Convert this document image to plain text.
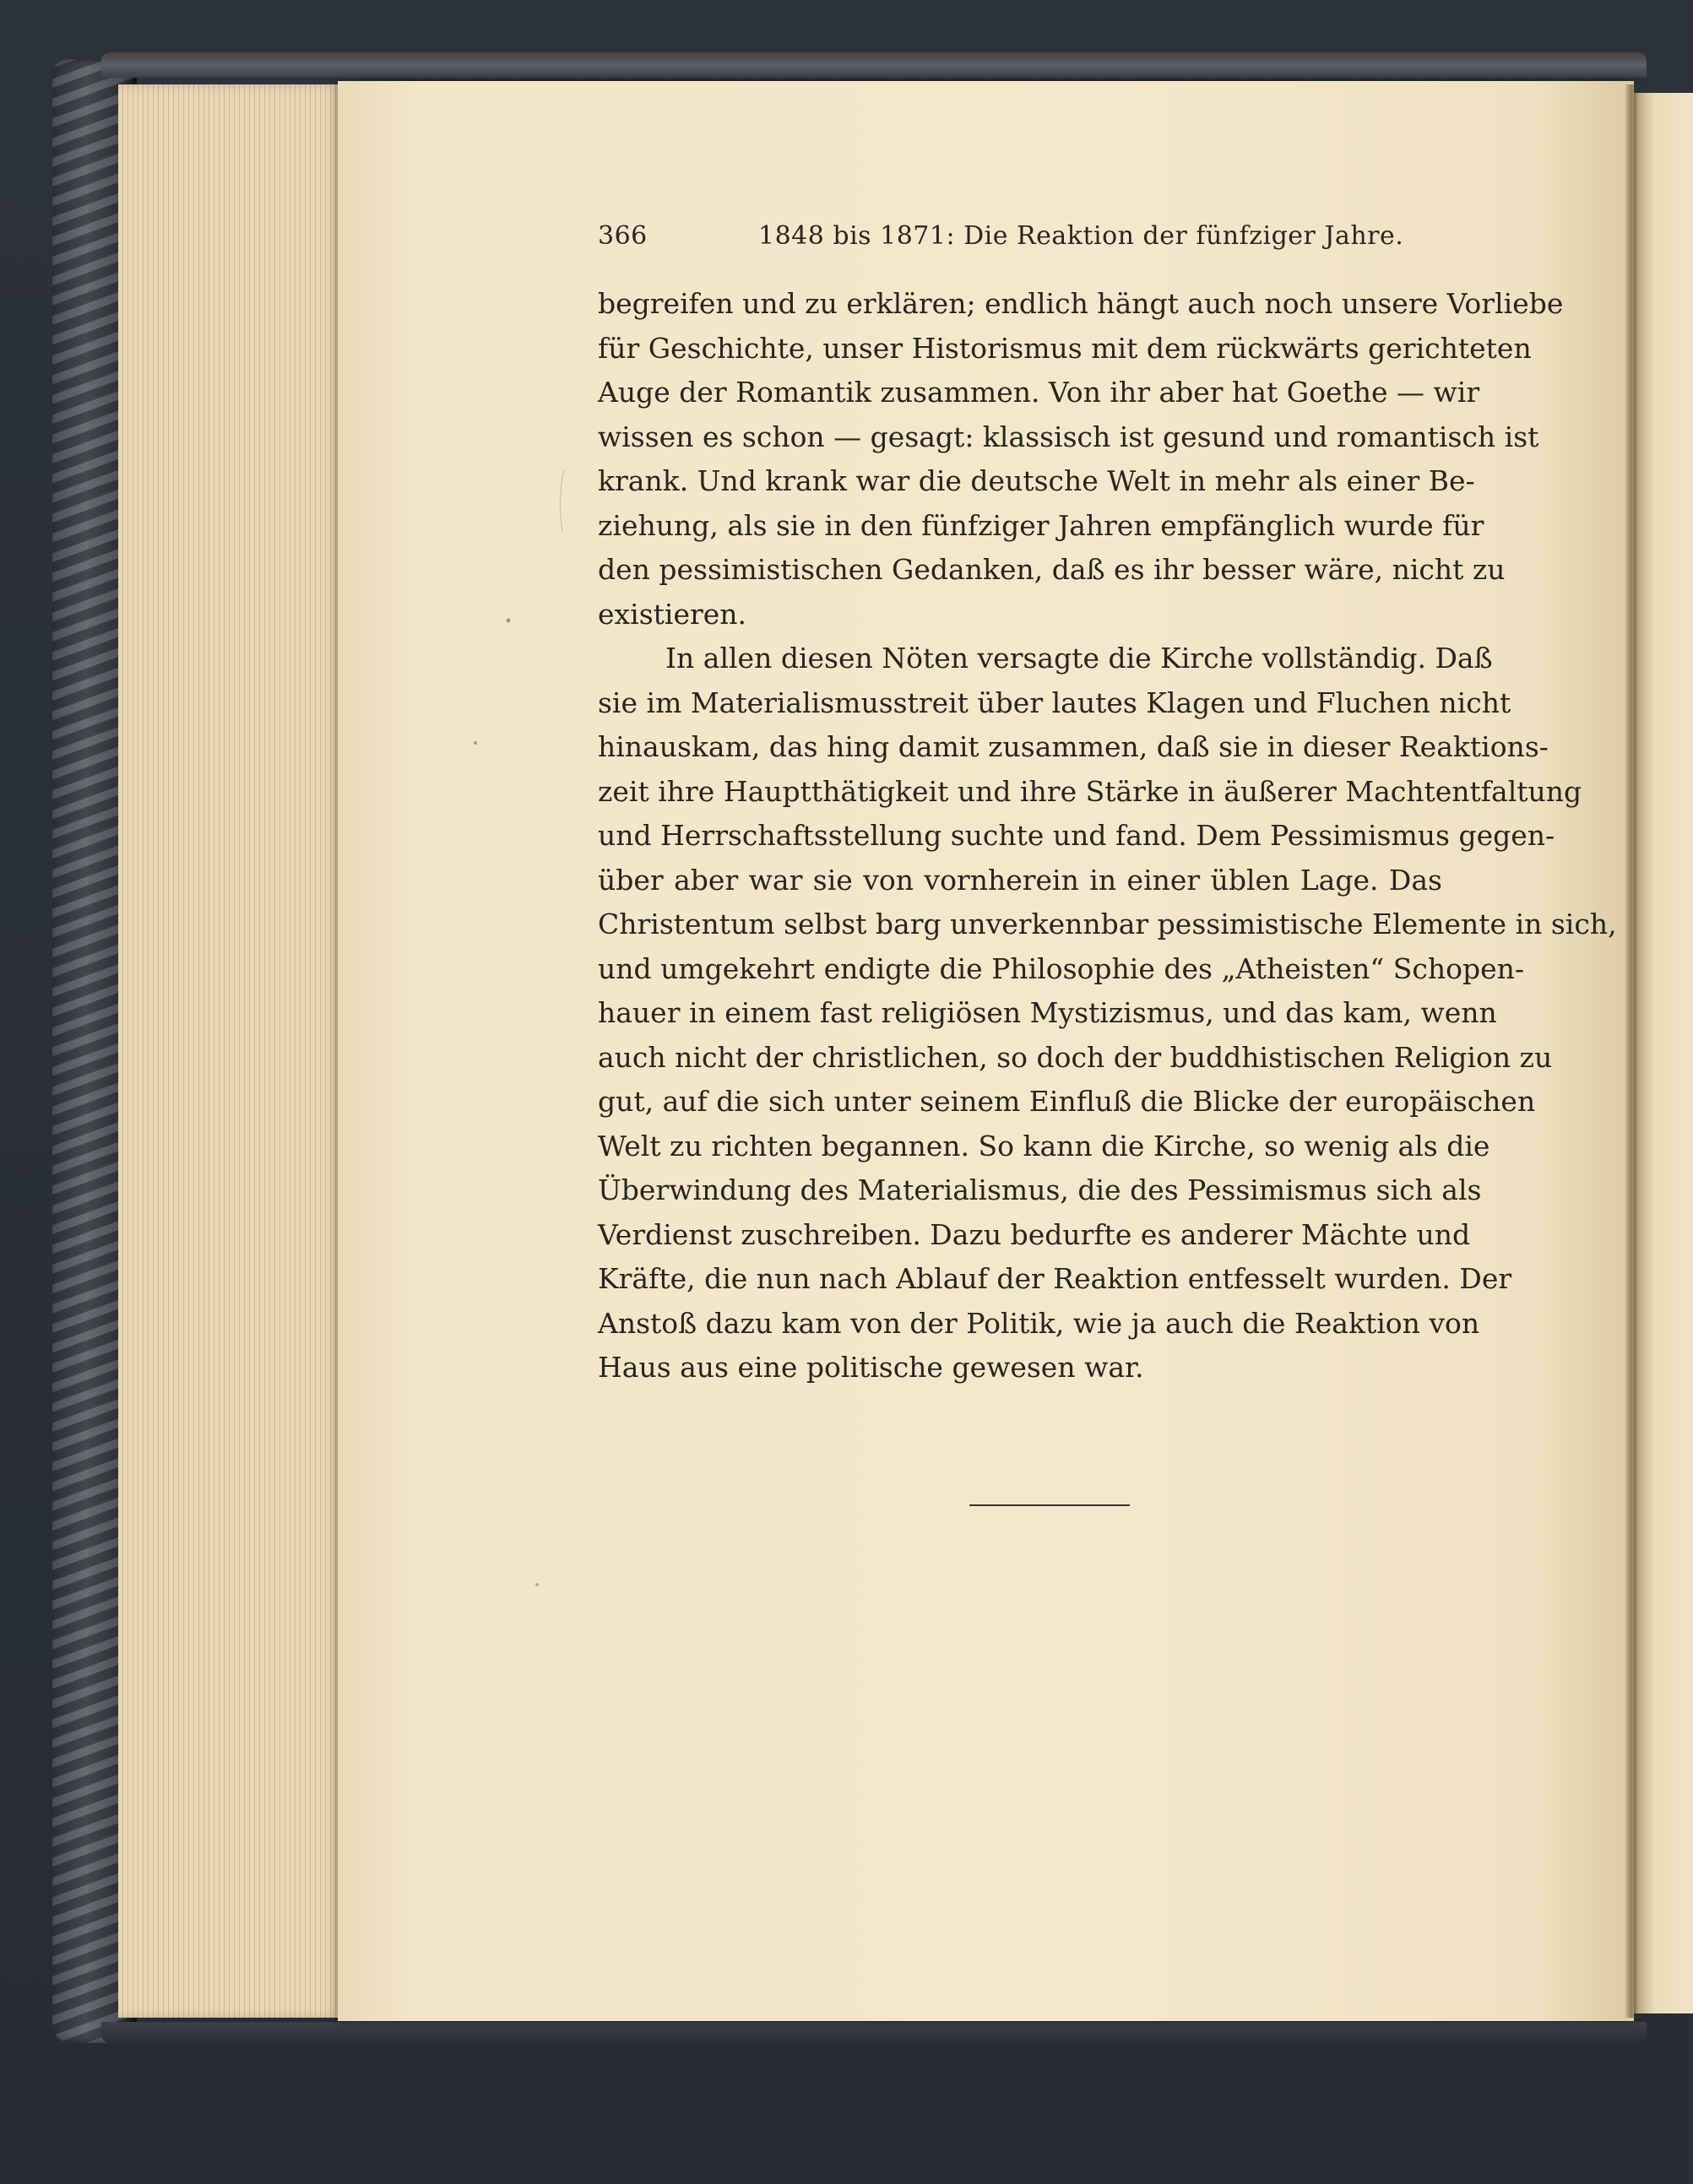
366	1848 bis 1871: Die Reaktion der fünfziger Jahre.
begreifen und zu erklären; endlich hängt auch noch unsere Vorliebe
für Geschichte, unser Historismus mit dem rückwärts gerichteten
Auge der Romantik zusammen. Von ihr aber hat Goethe — wir
wissen es schon — gesagt: klassisch ist gesund und romantisch ist
krank. Und krank war die deutsche Welt in mehr als einer Be-
ziehung, als sie in den fünfziger Jahren empfänglich wurde für
den pessimistischen Gedanken, daß es ihr besser wäre, nicht zu
existieren.
In allen diesen Nöten versagte die Kirche vollständig. Daß
sie im Materialismusstreit über lautes Klagen und Fluchen nicht
hinauskam, das hing damit zusammen, daß sie in dieser Reaktions-
zeit ihre Hauptthätigkeit und ihre Stärke in äußerer Machtentfaltung
und Herrschaftsstellung suchte und fand. Dem Pessimismus gegen-
über aber war sie von vornherein in einer üblen Lage. Das
Christentum selbst barg unverkennbar pessimistische Elemente in sich,
und umgekehrt endigte die Philosophie des „Atheisten“ Schopen-
hauer in einem fast religiösen Mystizismus, und das kam, wenn
auch nicht der christlichen, so doch der buddhistischen Religion zu
gut, auf die sich unter seinem Einfluß die Blicke der europäischen
Welt zu richten begannen. So kann die Kirche, so wenig als die
Überwindung des Materialismus, die des Pessimismus sich als
Verdienst zuschreiben. Dazu bedurfte es anderer Mächte und
Kräfte, die nun nach Ablauf der Reaktion entfesselt wurden. Der
Anstoß dazu kam von der Politik, wie ja auch die Reaktion von
Haus aus eine politische gewesen war.
